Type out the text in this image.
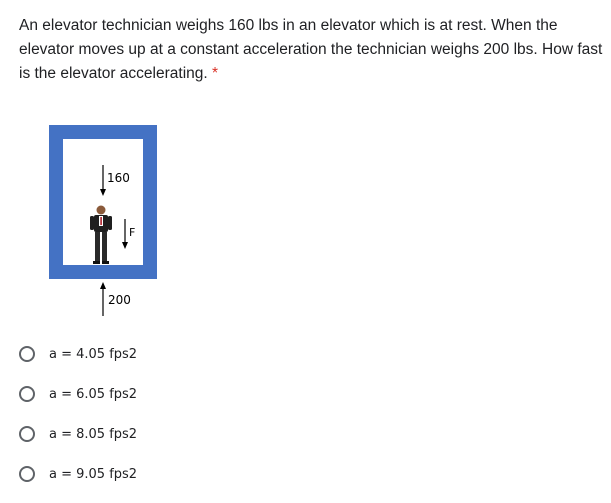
An elevator technician weighs 160 lbs in an elevator which is at rest. When the elevator moves up at a constant acceleration the technician weighs 200 lbs. How fast is the elevator accelerating. *
160
F
200
a = 4.05 fps2
a = 6.05 fps2
a = 8.05 fps2
a = 9.05 fps2
